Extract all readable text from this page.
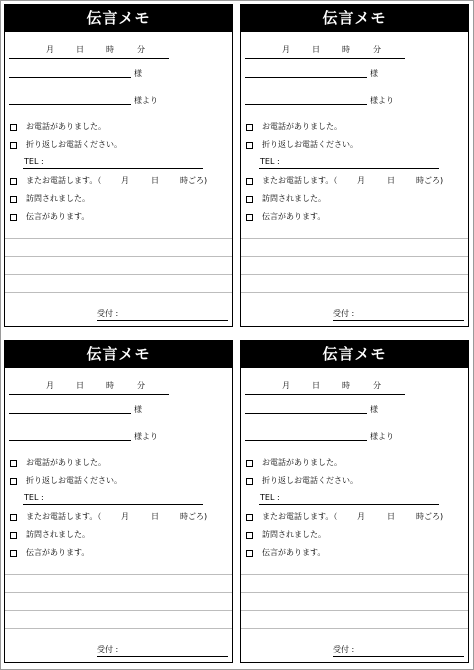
伝言メモ
月	日	時	分
様
様より
お電話がありました。
折り返しお電話ください。
TEL :
またお電話します。（ 月	日	時ごろ)
訪問されました。
伝言があります。
受付 :
伝言メモ
月	日	時	分
様
様より
お電話がありました。
折り返しお電話ください。
TEL :
またお電話します。（ 月	日	時ごろ)
訪問されました。
伝言があります。
受付 :
伝言メモ
月	日	時	分
様
様より
お電話がありました。
折り返しお電話ください。
TEL :
またお電話します。（ 月	日	時ごろ)
訪問されました。
伝言があります。
受付 :
伝言メモ
月	日	時	分
様
様より
お電話がありました。
折り返しお電話ください。
TEL :
またお電話します。（ 月	日	時ごろ)
訪問されました。
伝言があります。
受付 :
